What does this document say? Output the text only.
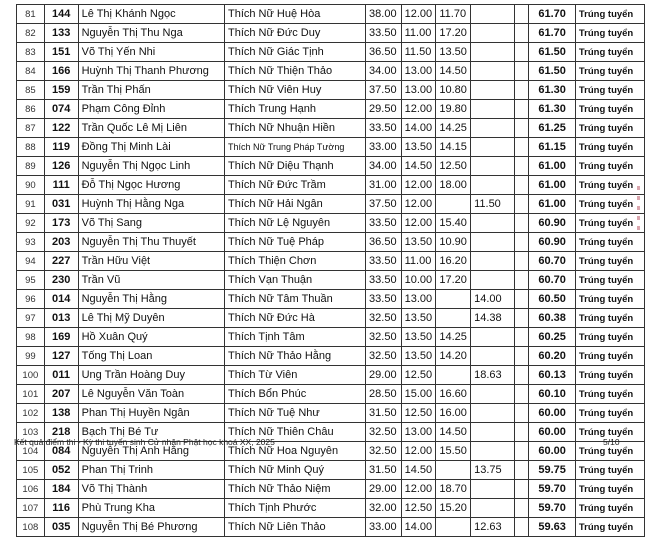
81	144	Lê Thị Khánh Ngọc	Thích Nữ Huệ Hòa	38.00	12.00	11.70			61.70	Trúng tuyển
82	133	Nguyễn Thị Thu Nga	Thích Nữ Đức Duy	33.50	11.00	17.20			61.70	Trúng tuyển
83	151	Võ Thị Yến Nhi	Thích Nữ Giác Tịnh	36.50	11.50	13.50			61.50	Trúng tuyển
84	166	Huỳnh Thị Thanh Phương	Thích Nữ Thiện Thảo	34.00	13.00	14.50			61.50	Trúng tuyển
85	159	Trần Thị Phấn	Thích Nữ Viên Huy	37.50	13.00	10.80			61.30	Trúng tuyển
86	074	Phạm Công Đỉnh	Thích Trung Hạnh	29.50	12.00	19.80			61.30	Trúng tuyển
87	122	Trần Quốc Lê Mị Liên	Thích Nữ Nhuận Hiền	33.50	14.00	14.25			61.25	Trúng tuyển
88	119	Đồng Thị Minh Lài	Thích Nữ Trung Pháp Tường	33.00	13.50	14.15			61.15	Trúng tuyển
89	126	Nguyễn Thị Ngọc Linh	Thích Nữ Diệu Thạnh	34.00	14.50	12.50			61.00	Trúng tuyển
90	111	Đỗ Thị Ngọc Hương	Thích Nữ Đức Trầm	31.00	12.00	18.00			61.00	Trúng tuyển
91	031	Huỳnh Thị Hằng Nga	Thích Nữ Hải Ngân	37.50	12.00		11.50		61.00	Trúng tuyển
92	173	Võ Thị Sang	Thích Nữ Lệ Nguyên	33.50	12.00	15.40			60.90	Trúng tuyển
93	203	Nguyễn Thị Thu Thuyết	Thích Nữ Tuệ Pháp	36.50	13.50	10.90			60.90	Trúng tuyển
94	227	Trần Hữu Việt	Thích Thiện Chơn	33.50	11.00	16.20			60.70	Trúng tuyển
95	230	Trần Vũ	Thích Vạn Thuận	33.50	10.00	17.20			60.70	Trúng tuyển
96	014	Nguyễn Thị Hằng	Thích Nữ Tâm Thuần	33.50	13.00		14.00		60.50	Trúng tuyển
97	013	Lê Thị Mỹ Duyên	Thích Nữ Đức Hà	32.50	13.50		14.38		60.38	Trúng tuyển
98	169	Hồ Xuân Quý	Thích Tịnh Tâm	32.50	13.50	14.25			60.25	Trúng tuyển
99	127	Tống Thị Loan	Thích Nữ Thảo Hằng	32.50	13.50	14.20			60.20	Trúng tuyển
100	011	Ung Trần Hoàng Duy	Thích Từ Viên	29.00	12.50		18.63		60.13	Trúng tuyển
101	207	Lê Nguyễn Văn Toàn	Thích Bổn Phúc	28.50	15.00	16.60			60.10	Trúng tuyển
102	138	Phan Thị Huyền Ngân	Thích Nữ Tuệ Như	31.50	12.50	16.00			60.00	Trúng tuyển
103	218	Bạch Thị Bé Tư	Thích Nữ Thiên Châu	32.50	13.00	14.50			60.00	Trúng tuyển
104	084	Nguyễn Thị Anh Hằng	Thích Nữ Hoa Nguyên	32.50	12.00	15.50			60.00	Trúng tuyển
105	052	Phan Thị Trinh	Thích Nữ Minh Quý	31.50	14.50		13.75		59.75	Trúng tuyển
106	184	Võ Thị Thành	Thích Nữ Thảo Niệm	29.00	12.00	18.70			59.70	Trúng tuyển
107	116	Phù Trung Kha	Thích Tịnh Phước	32.00	12.50	15.20			59.70	Trúng tuyển
108	035	Nguyễn Thị Bé Phương	Thích Nữ Liên Thảo	33.00	14.00		12.63		59.63	Trúng tuyển
Kết quả điểm thi - Kỳ thi tuyển sinh Cử nhân Phật học khoá XX, 2025	5/10
